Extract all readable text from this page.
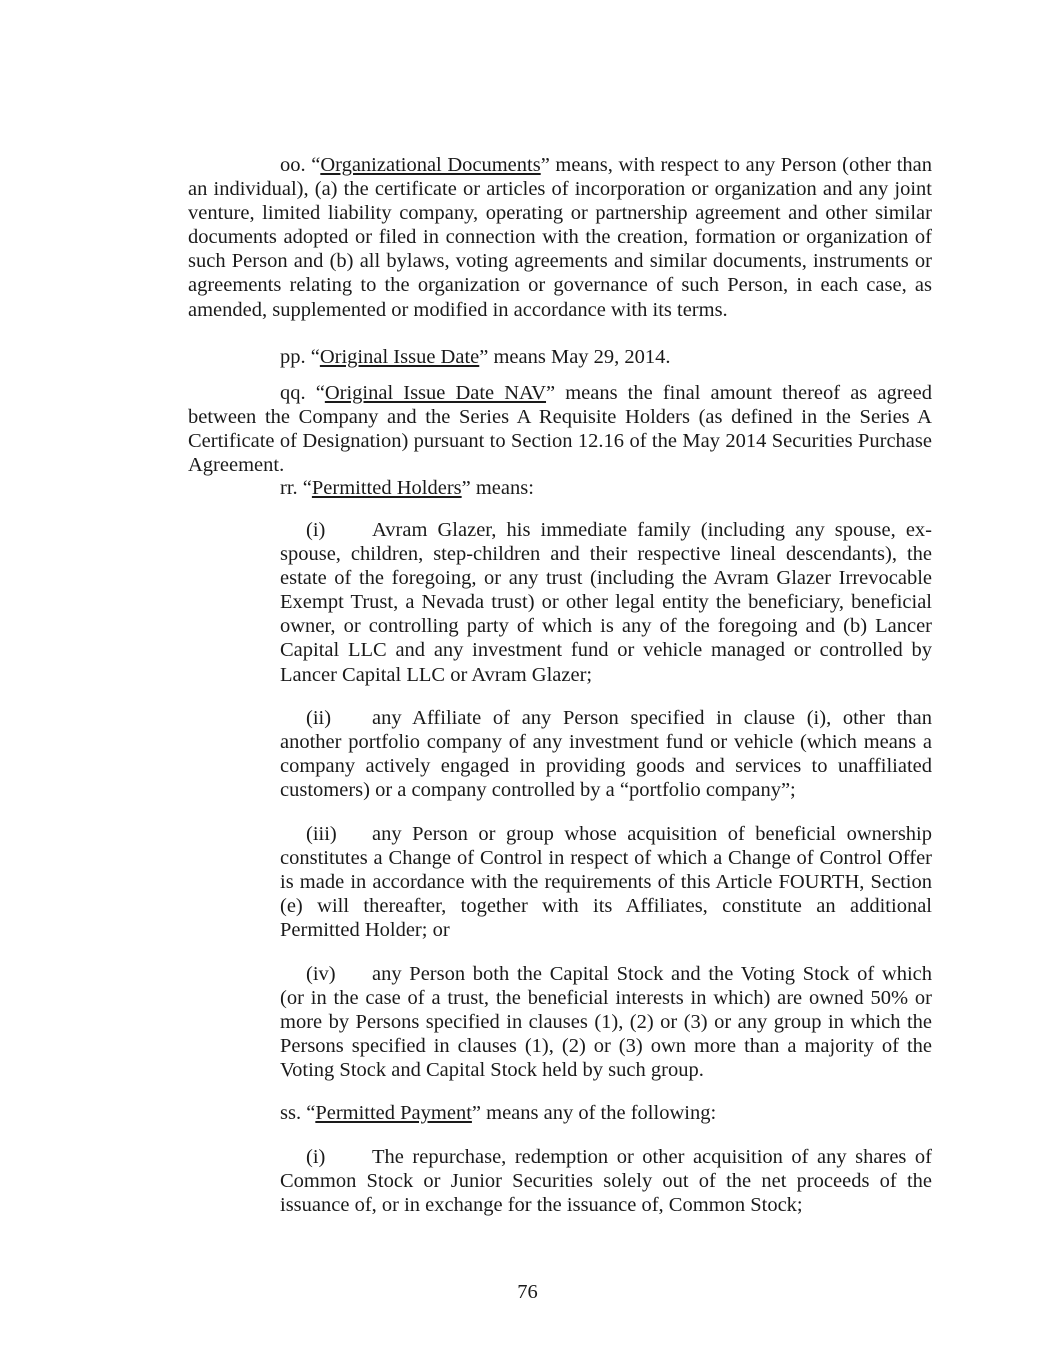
oo. “Organizational Documents” means, with respect to any Person (other than an individual), (a) the certificate or articles of incorporation or organization and any joint venture, limited liability company, operating or partnership agreement and other similar documents adopted or filed in connection with the creation, formation or organization of such Person and (b) all bylaws, voting agreements and similar documents, instruments or agreements relating to the organization or governance of such Person, in each case, as amended, supplemented or modified in accordance with its terms.

pp. “Original Issue Date” means May 29, 2014.

qq. “Original Issue Date NAV” means the final amount thereof as agreed between the Company and the Series A Requisite Holders (as defined in the Series A Certificate of Designation) pursuant to Section 12.16 of the May 2014 Securities Purchase Agreement.

rr. “Permitted Holders” means:

(i) Avram Glazer, his immediate family (including any spouse, ex-spouse, children, step-children and their respective lineal descendants), the estate of the foregoing, or any trust (including the Avram Glazer Irrevocable Exempt Trust, a Nevada trust) or other legal entity the beneficiary, beneficial owner, or controlling party of which is any of the foregoing and (b) Lancer Capital LLC and any investment fund or vehicle managed or controlled by Lancer Capital LLC or Avram Glazer;

(ii) any Affiliate of any Person specified in clause (i), other than another portfolio company of any investment fund or vehicle (which means a company actively engaged in providing goods and services to unaffiliated customers) or a company controlled by a “portfolio company”;

(iii) any Person or group whose acquisition of beneficial ownership constitutes a Change of Control in respect of which a Change of Control Offer is made in accordance with the requirements of this Article FOURTH, Section (e) will thereafter, together with its Affiliates, constitute an additional Permitted Holder; or

(iv) any Person both the Capital Stock and the Voting Stock of which (or in the case of a trust, the beneficial interests in which) are owned 50% or more by Persons specified in clauses (1), (2) or (3) or any group in which the Persons specified in clauses (1), (2) or (3) own more than a majority of the Voting Stock and Capital Stock held by such group.

ss. “Permitted Payment” means any of the following:

(i) The repurchase, redemption or other acquisition of any shares of Common Stock or Junior Securities solely out of the net proceeds of the issuance of, or in exchange for the issuance of, Common Stock;

76
